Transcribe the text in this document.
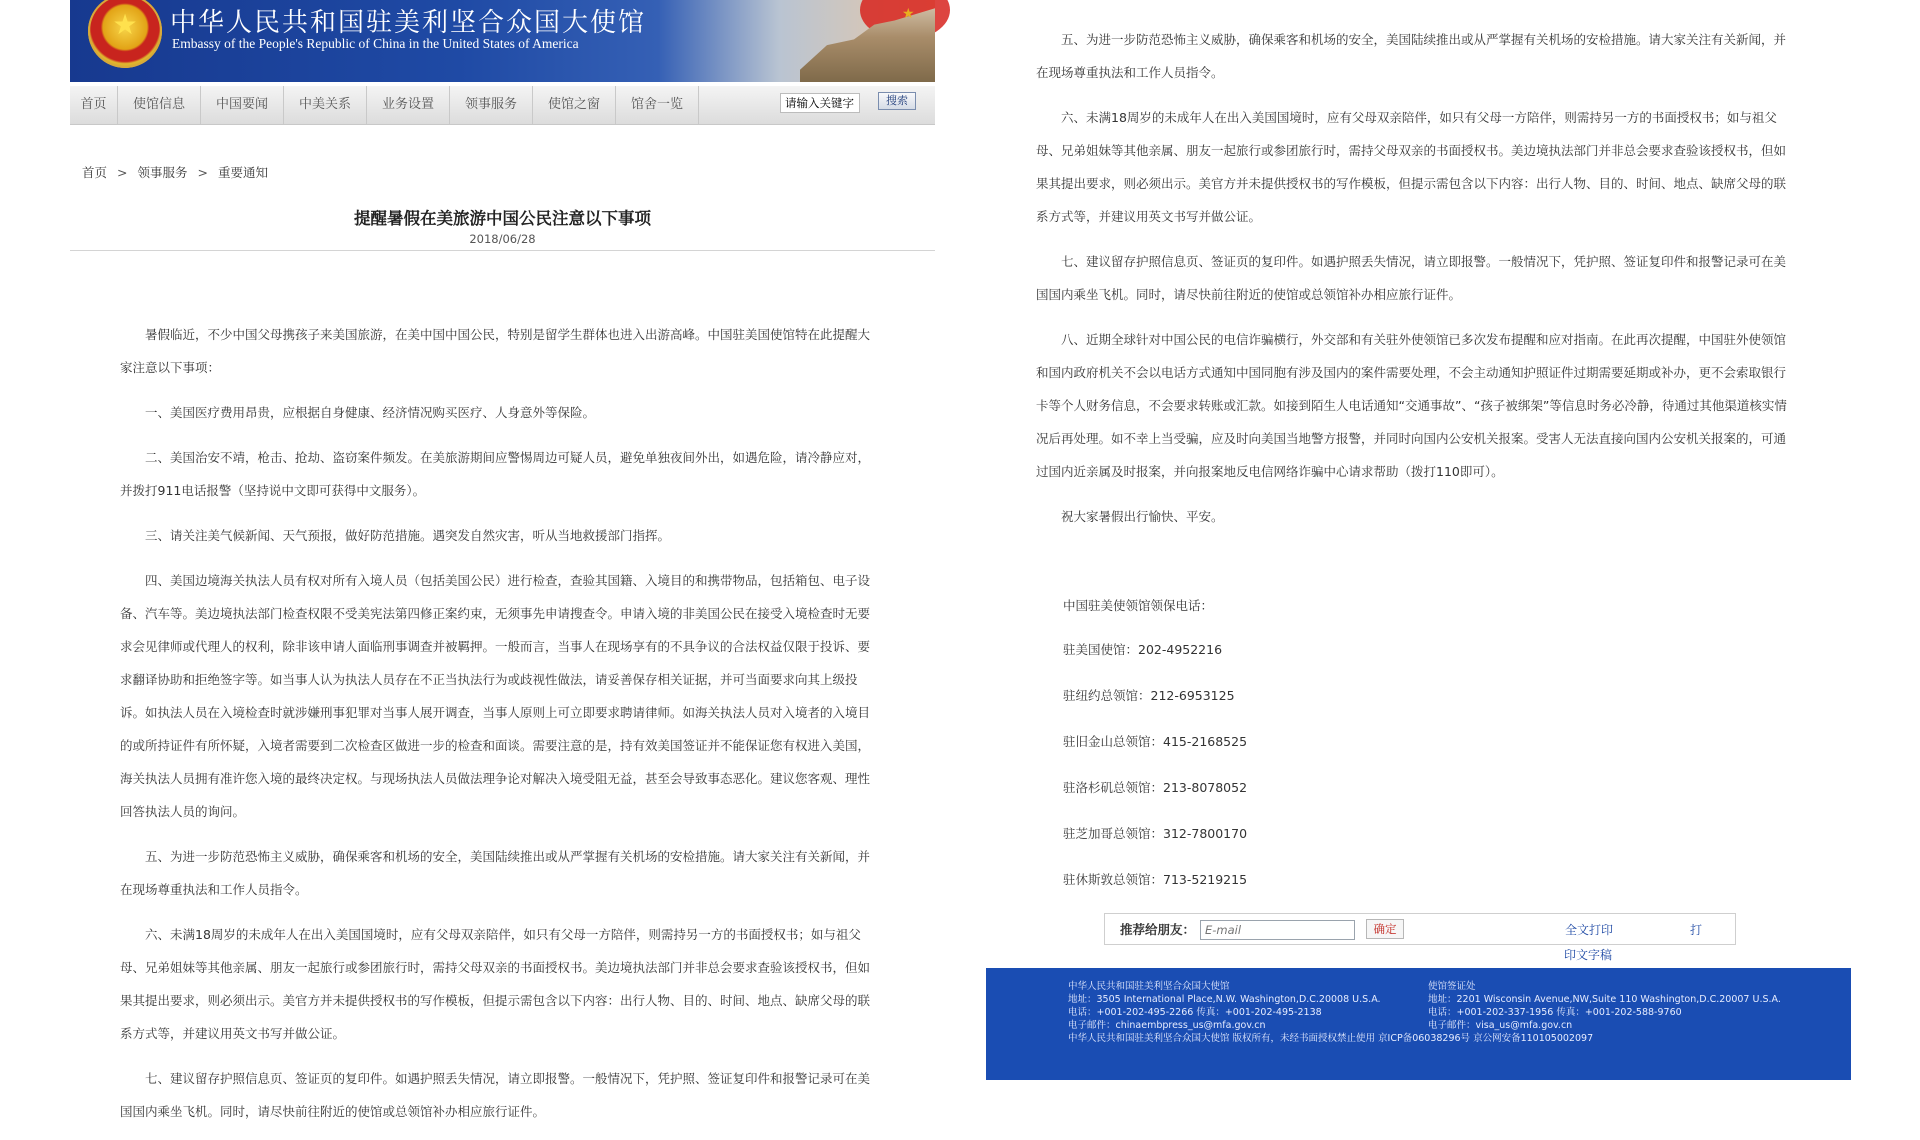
★
中华人民共和国驻美利坚合众国大使馆
Embassy of the People's Republic of China in the United States of America
★
首页	使馆信息	中国要闻	中美关系	业务设置	领事服务	使馆之窗	馆舍一览
请输入关键字	搜索
首页 > 领事服务 > 重要通知
提醒暑假在美旅游中国公民注意以下事项
2018/06/28

暑假临近，不少中国父母携孩子来美国旅游，在美中国中国公民，特别是留学生群体也进入出游高峰。中国驻美国使馆特在此提醒大家注意以下事项：

一、美国医疗费用昂贵，应根据自身健康、经济情况购买医疗、人身意外等保险。

二、美国治安不靖，枪击、抢劫、盗窃案件频发。在美旅游期间应警惕周边可疑人员，避免单独夜间外出，如遇危险，请冷静应对，并拨打911电话报警（坚持说中文即可获得中文服务）。

三、请关注美气候新闻、天气预报，做好防范措施。遇突发自然灾害，听从当地救援部门指挥。

四、美国边境海关执法人员有权对所有入境人员（包括美国公民）进行检查，查验其国籍、入境目的和携带物品，包括箱包、电子设备、汽车等。美边境执法部门检查权限不受美宪法第四修正案约束，无须事先申请搜查令。申请入境的非美国公民在接受入境检查时无要求会见律师或代理人的权利，除非该申请人面临刑事调查并被羁押。一般而言，当事人在现场享有的不具争议的合法权益仅限于投诉、要求翻译协助和拒绝签字等。如当事人认为执法人员存在不正当执法行为或歧视性做法，请妥善保存相关证据，并可当面要求向其上级投诉。如执法人员在入境检查时就涉嫌刑事犯罪对当事人展开调查，当事人原则上可立即要求聘请律师。如海关执法人员对入境者的入境目的或所持证件有所怀疑，入境者需要到二次检查区做进一步的检查和面谈。需要注意的是，持有效美国签证并不能保证您有权进入美国，海关执法人员拥有准许您入境的最终决定权。与现场执法人员做法理争论对解决入境受阻无益，甚至会导致事态恶化。建议您客观、理性回答执法人员的询问。

五、为进一步防范恐怖主义威胁，确保乘客和机场的安全，美国陆续推出或从严掌握有关机场的安检措施。请大家关注有关新闻，并在现场尊重执法和工作人员指令。

六、未满18周岁的未成年人在出入美国国境时，应有父母双亲陪伴，如只有父母一方陪伴，则需持另一方的书面授权书；如与祖父母、兄弟姐妹等其他亲属、朋友一起旅行或参团旅行时，需持父母双亲的书面授权书。美边境执法部门并非总会要求查验该授权书，但如果其提出要求，则必须出示。美官方并未提供授权书的写作模板，但提示需包含以下内容：出行人物、目的、时间、地点、缺席父母的联系方式等，并建议用英文书写并做公证。

七、建议留存护照信息页、签证页的复印件。如遇护照丢失情况，请立即报警。一般情况下，凭护照、签证复印件和报警记录可在美国国内乘坐飞机。同时，请尽快前往附近的使馆或总领馆补办相应旅行证件。

五、为进一步防范恐怖主义威胁，确保乘客和机场的安全，美国陆续推出或从严掌握有关机场的安检措施。请大家关注有关新闻，并在现场尊重执法和工作人员指令。

六、未满18周岁的未成年人在出入美国国境时，应有父母双亲陪伴，如只有父母一方陪伴，则需持另一方的书面授权书；如与祖父母、兄弟姐妹等其他亲属、朋友一起旅行或参团旅行时，需持父母双亲的书面授权书。美边境执法部门并非总会要求查验该授权书，但如果其提出要求，则必须出示。美官方并未提供授权书的写作模板，但提示需包含以下内容：出行人物、目的、时间、地点、缺席父母的联系方式等，并建议用英文书写并做公证。

七、建议留存护照信息页、签证页的复印件。如遇护照丢失情况，请立即报警。一般情况下，凭护照、签证复印件和报警记录可在美国国内乘坐飞机。同时，请尽快前往附近的使馆或总领馆补办相应旅行证件。

八、近期全球针对中国公民的电信诈骗横行，外交部和有关驻外使领馆已多次发布提醒和应对指南。在此再次提醒，中国驻外使领馆和国内政府机关不会以电话方式通知中国同胞有涉及国内的案件需要处理，不会主动通知护照证件过期需要延期或补办，更不会索取银行卡等个人财务信息，不会要求转账或汇款。如接到陌生人电话通知“交通事故”、“孩子被绑架”等信息时务必冷静，待通过其他渠道核实情况后再处理。如不幸上当受骗，应及时向美国当地警方报警，并同时向国内公安机关报案。受害人无法直接向国内公安机关报案的，可通过国内近亲属及时报案，并向报案地反电信网络诈骗中心请求帮助（拨打110即可）。

祝大家暑假出行愉快、平安。

中国驻美使领馆领保电话：
驻美国使馆：202-4952216
驻纽约总领馆：212-6953125
驻旧金山总领馆：415-2168525
驻洛杉矶总领馆：213-8078052
驻芝加哥总领馆：312-7800170
驻休斯敦总领馆：713-5219215
推荐给朋友：
E-mail	确定	全文打印	打
印文字稿
中华人民共和国驻美利坚合众国大使馆
地址：3505 International Place,N.W. Washington,D.C.20008 U.S.A.
电话：+001-202-495-2266 传真：+001-202-495-2138
电子邮件：chinaembpress_us@mfa.gov.cn
使馆签证处
地址：2201 Wisconsin Avenue,NW,Suite 110 Washington,D.C.20007 U.S.A.
电话：+001-202-337-1956 传真：+001-202-588-9760
电子邮件：visa_us@mfa.gov.cn
中华人民共和国驻美利坚合众国大使馆 版权所有，未经书面授权禁止使用 京ICP备06038296号 京公网安备110105002097
